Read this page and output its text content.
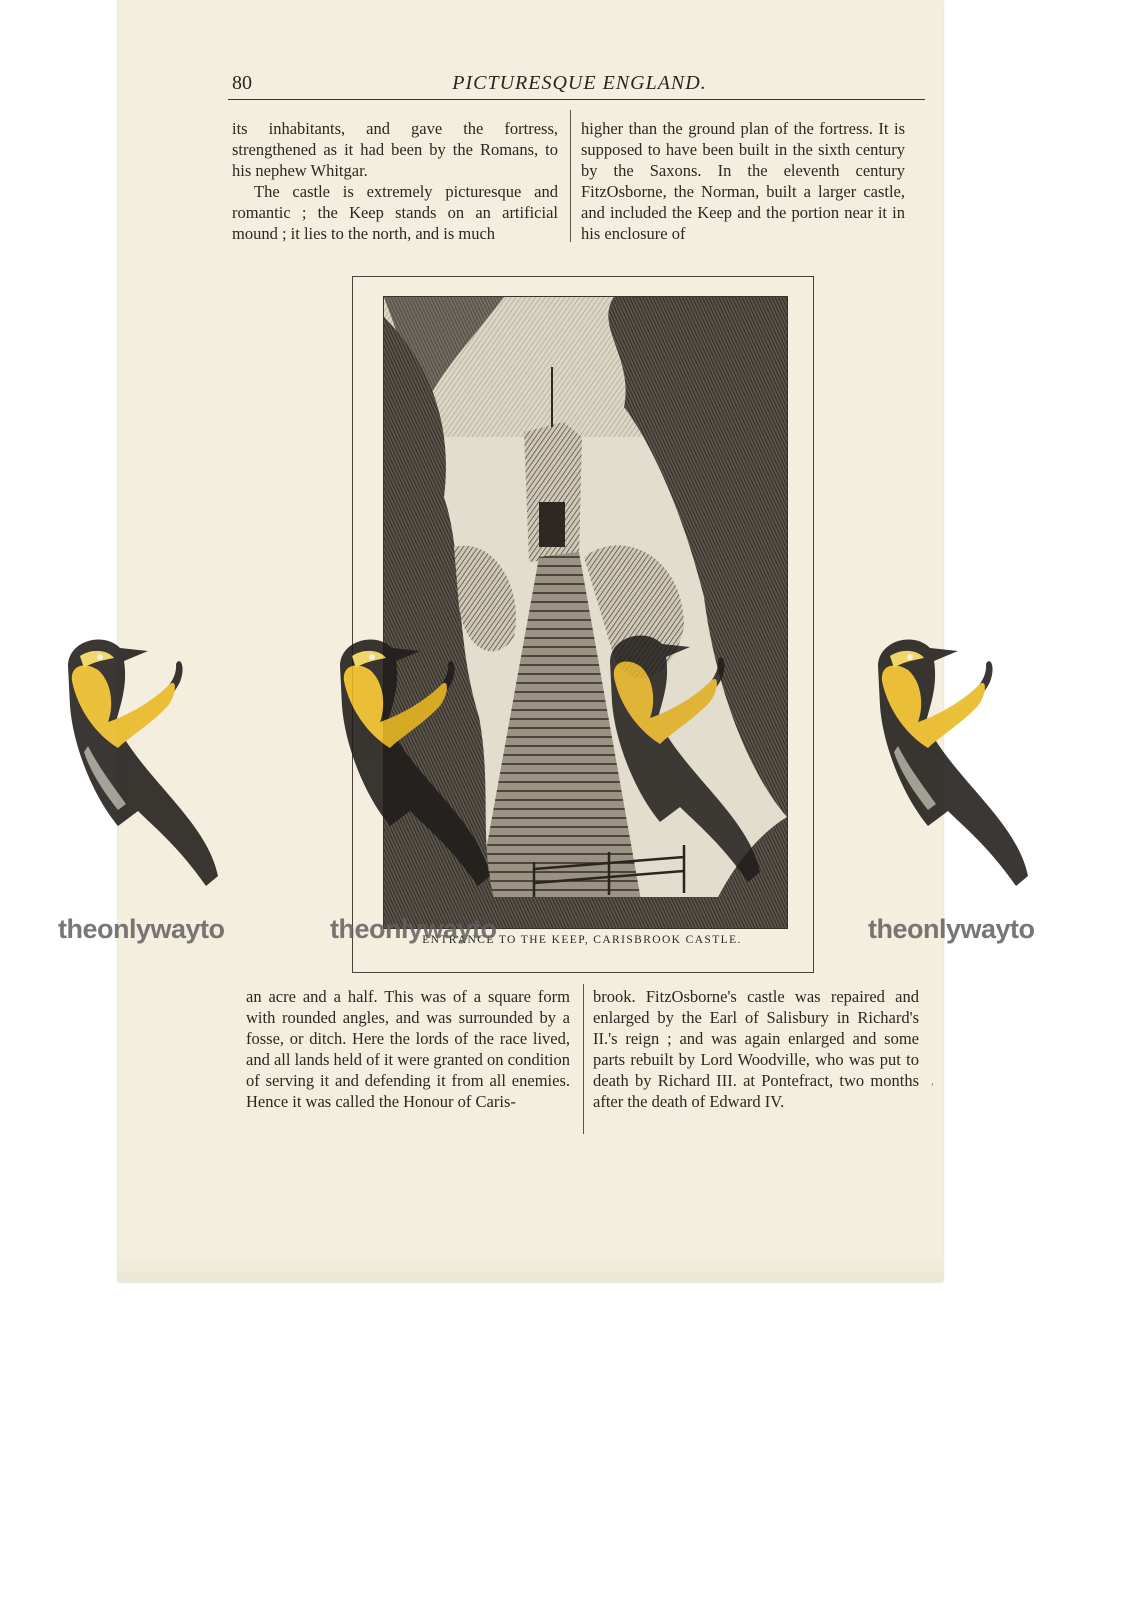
80	PICTURESQUE ENGLAND.

its inhabitants, and gave the fortress, strengthened as it had been by the Romans, to his nephew Whitgar.

The castle is extremely picturesque and romantic ; the Keep stands on an artificial mound ; it lies to the north, and is much

higher than the ground plan of the fortress. It is supposed to have been built in the sixth century by the Saxons. In the eleventh century FitzOsborne, the Norman, built a larger castle, and included the Keep and the portion near it in his enclosure of

ENTRANCE TO THE KEEP, CARISBROOK CASTLE.

an acre and a half. This was of a square form with rounded angles, and was surrounded by a fosse, or ditch. Here the lords of the race lived, and all lands held of it were granted on condition of serving it and defending it from all enemies. Hence it was called the Honour of Caris-

brook. FitzOsborne's castle was repaired and enlarged by the Earl of Salisbury in Richard's II.'s reign ; and was again enlarged and some parts rebuilt by Lord Woodville, who was put to death by Richard III. at Pontefract, two months after the death of Edward IV.

ʾ
theonlywayto	theonlywayto	theonlywayto
